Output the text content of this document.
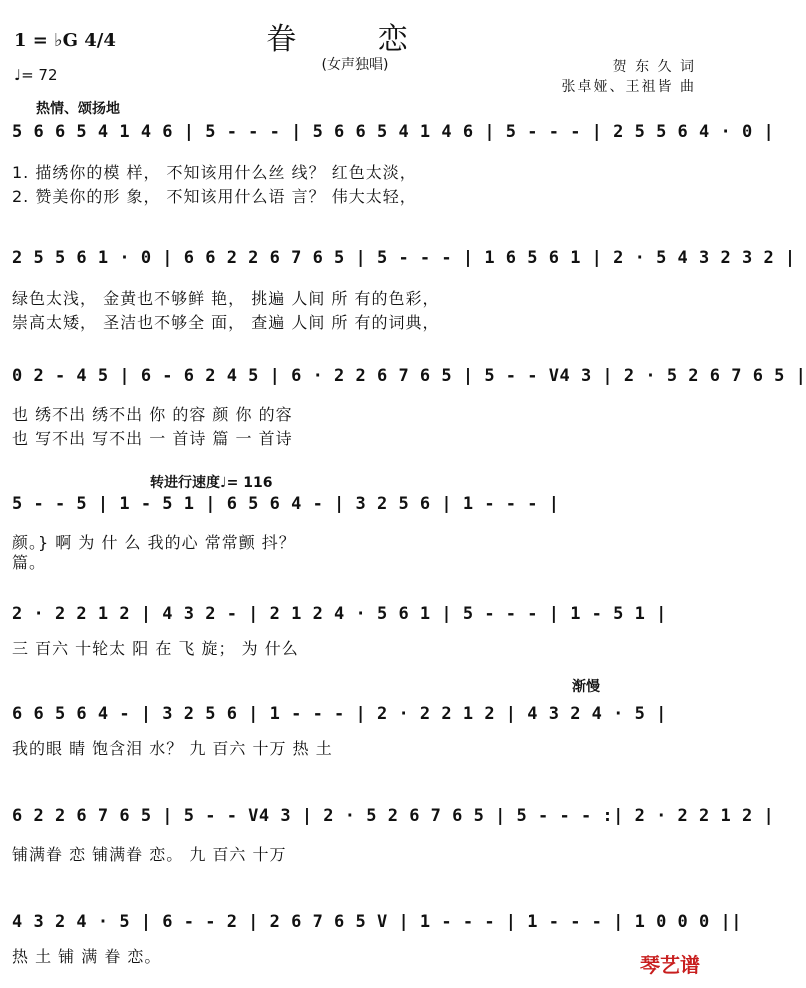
眷 恋
(女声独唱)
1 = ♭G 4/4
♩= 72	贺 东 久 词
张卓娅、王祖皆 曲
热情、颂扬地
5 6 6 5 4 1 4 6 | 5 - - - | 5 6 6 5 4 1 4 6 | 5 - - - | 2 5 5 6 4 · 0 |
1. 描绣你的模 样， 不知该用什么丝 线？ 红色太淡，
2. 赞美你的形 象， 不知该用什么语 言？ 伟大太轻，
2 5 5 6 1 · 0 | 6 6 2 2 6 7 6 5 | 5 - - - | 1 6 5 6 1 | 2 · 5 4 3 2 3 2 |
绿色太浅， 金黄也不够鲜 艳， 挑遍 人间 所 有的色彩，
崇高太矮， 圣洁也不够全 面， 查遍 人间 所 有的词典，
0 2 - 4 5 | 6 - 6 2 4 5 | 6 · 2 2 6 7 6 5 | 5 - - V4 3 | 2 · 5 2 6 7 6 5 |
也 绣不出 绣不出 你 的容 颜 你 的容
也 写不出 写不出 一 首诗 篇 一 首诗
转进行速度♩= 116
5 - - 5 | 1 - 5 1 | 6 5 6 4 - | 3 2 5 6 | 1 - - - |
颜。} 啊 为 什 么 我的心 常常颤 抖？
篇。
2 · 2 2 1 2 | 4 3 2 - | 2 1 2 4 · 5 6 1 | 5 - - - | 1 - 5 1 |
三 百六 十轮太 阳 在 飞 旋； 为 什么
渐慢
6 6 5 6 4 - | 3 2 5 6 | 1 - - - | 2 · 2 2 1 2 | 4 3 2 4 · 5 |
我的眼 睛 饱含泪 水？ 九 百六 十万 热 土
6 2 2 6 7 6 5 | 5 - - V4 3 | 2 · 5 2 6 7 6 5 | 5 - - - :| 2 · 2 2 1 2 |
铺满眷 恋 铺满眷 恋。 九 百六 十万
4 3 2 4 · 5 | 6 - - 2 | 2 6 7 6 5 V | 1 - - - | 1 - - - | 1 0 0 0 ||
热 土 铺 满 眷 恋。	琴艺谱
